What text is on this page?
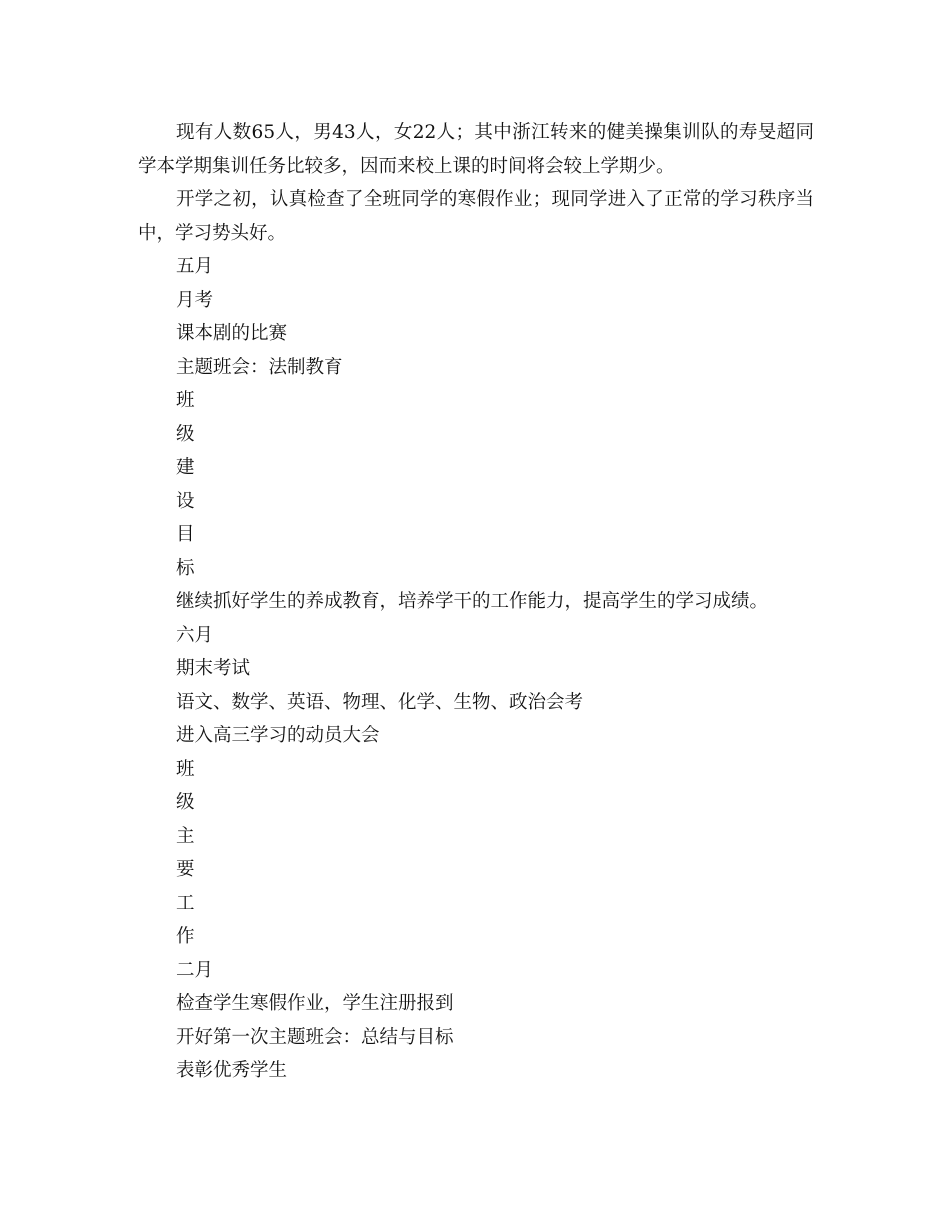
现有人数65人，男43人，女22人；其中浙江转来的健美操集训队的寿旻超同学本学期集训任务比较多，因而来校上课的时间将会较上学期少。

开学之初，认真检查了全班同学的寒假作业；现同学进入了正常的学习秩序当中，学习势头好。

五月

月考

课本剧的比赛

主题班会：法制教育

班

级

建

设

目

标

继续抓好学生的养成教育，培养学干的工作能力，提高学生的学习成绩。

六月

期末考试

语文、数学、英语、物理、化学、生物、政治会考

进入高三学习的动员大会

班

级

主

要

工

作

二月

检查学生寒假作业，学生注册报到

开好第一次主题班会：总结与目标

表彰优秀学生
